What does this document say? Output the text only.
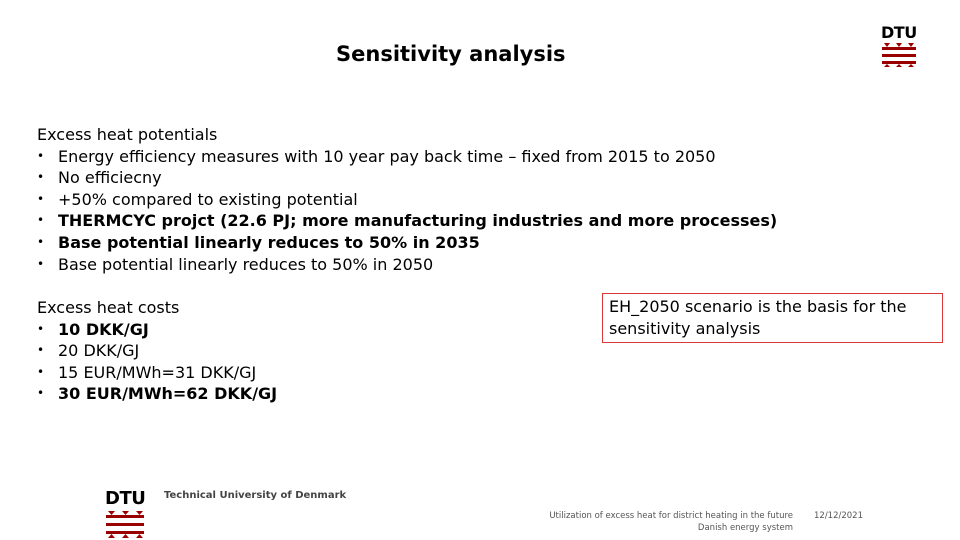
Sensitivity analysis
DTU
Excess heat potentials
• Energy efficiency measures with 10 year pay back time – fixed from 2015 to 2050
• No efficiecny
• +50% compared to existing potential
• THERMCYC projct (22.6 PJ; more manufacturing industries and more processes)
• Base potential linearly reduces to 50% in 2035
• Base potential linearly reduces to 50% in 2050
Excess heat costs
• 10 DKK/GJ
• 20 DKK/GJ
• 15 EUR/MWh=31 DKK/GJ
• 30 EUR/MWh=62 DKK/GJ
EH_2050 scenario is the basis for the sensitivity analysis
DTU Technical University of Denmark
Utilization of excess heat for district heating in the future
Danish energy system
12/12/2021
